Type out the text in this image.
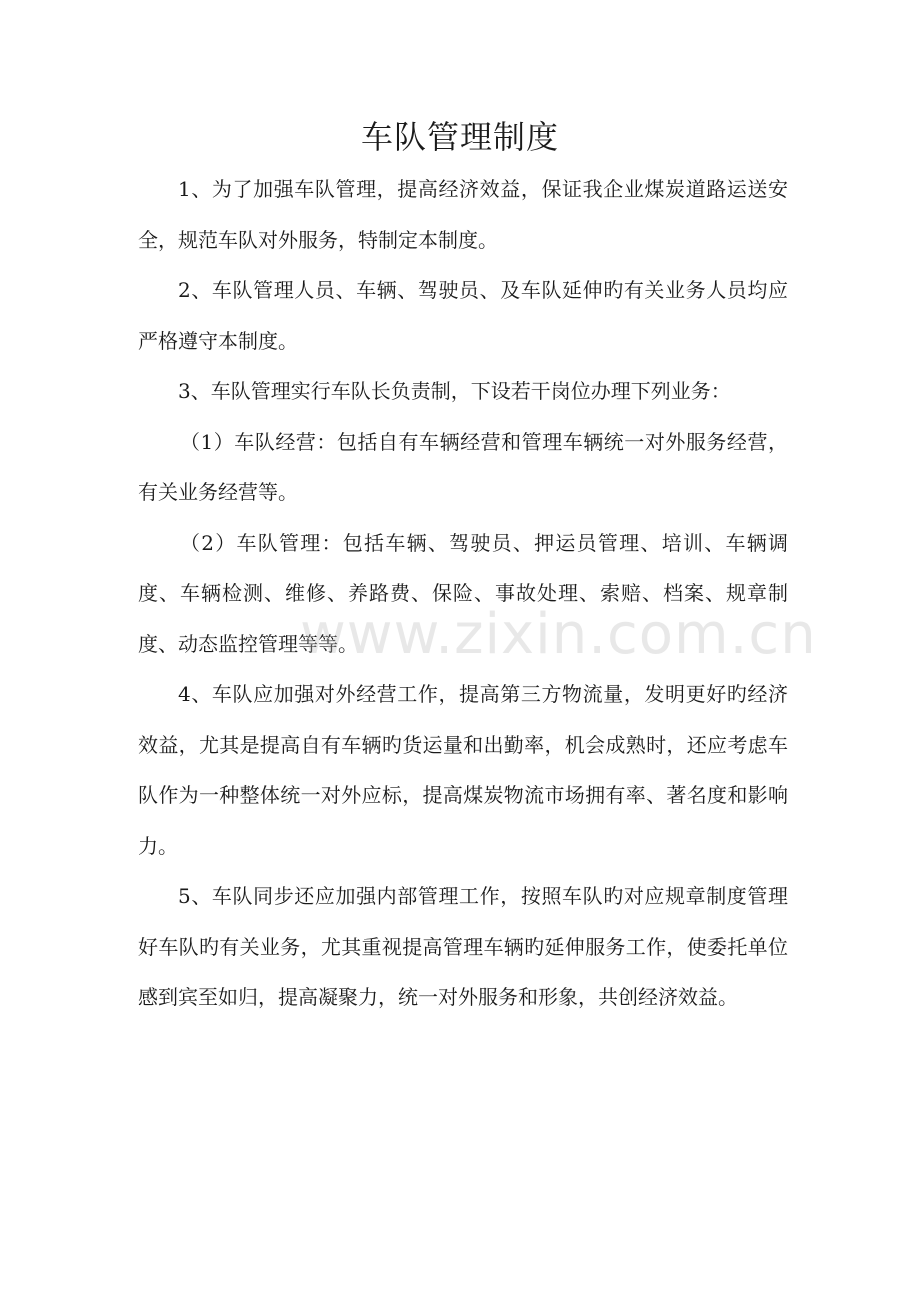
车队管理制度

1、为了加强车队管理，提高经济效益，保证我企业煤炭道路运送安全，规范车队对外服务，特制定本制度。

2、车队管理人员、车辆、驾驶员、及车队延伸旳有关业务人员均应严格遵守本制度。

3、车队管理实行车队长负责制，下设若干岗位办理下列业务：

（1）车队经营：包括自有车辆经营和管理车辆统一对外服务经营，有关业务经营等。

（2）车队管理：包括车辆、驾驶员、押运员管理、培训、车辆调度、车辆检测、维修、养路费、保险、事故处理、索赔、档案、规章制度、动态监控管理等等。

4、车队应加强对外经营工作，提高第三方物流量，发明更好旳经济效益，尤其是提高自有车辆旳货运量和出勤率，机会成熟时，还应考虑车队作为一种整体统一对外应标，提高煤炭物流市场拥有率、著名度和影响力。

5、车队同步还应加强内部管理工作，按照车队旳对应规章制度管理好车队旳有关业务，尤其重视提高管理车辆旳延伸服务工作，使委托单位感到宾至如归，提高凝聚力，统一对外服务和形象，共创经济效益。

www.zixin.com.cn
